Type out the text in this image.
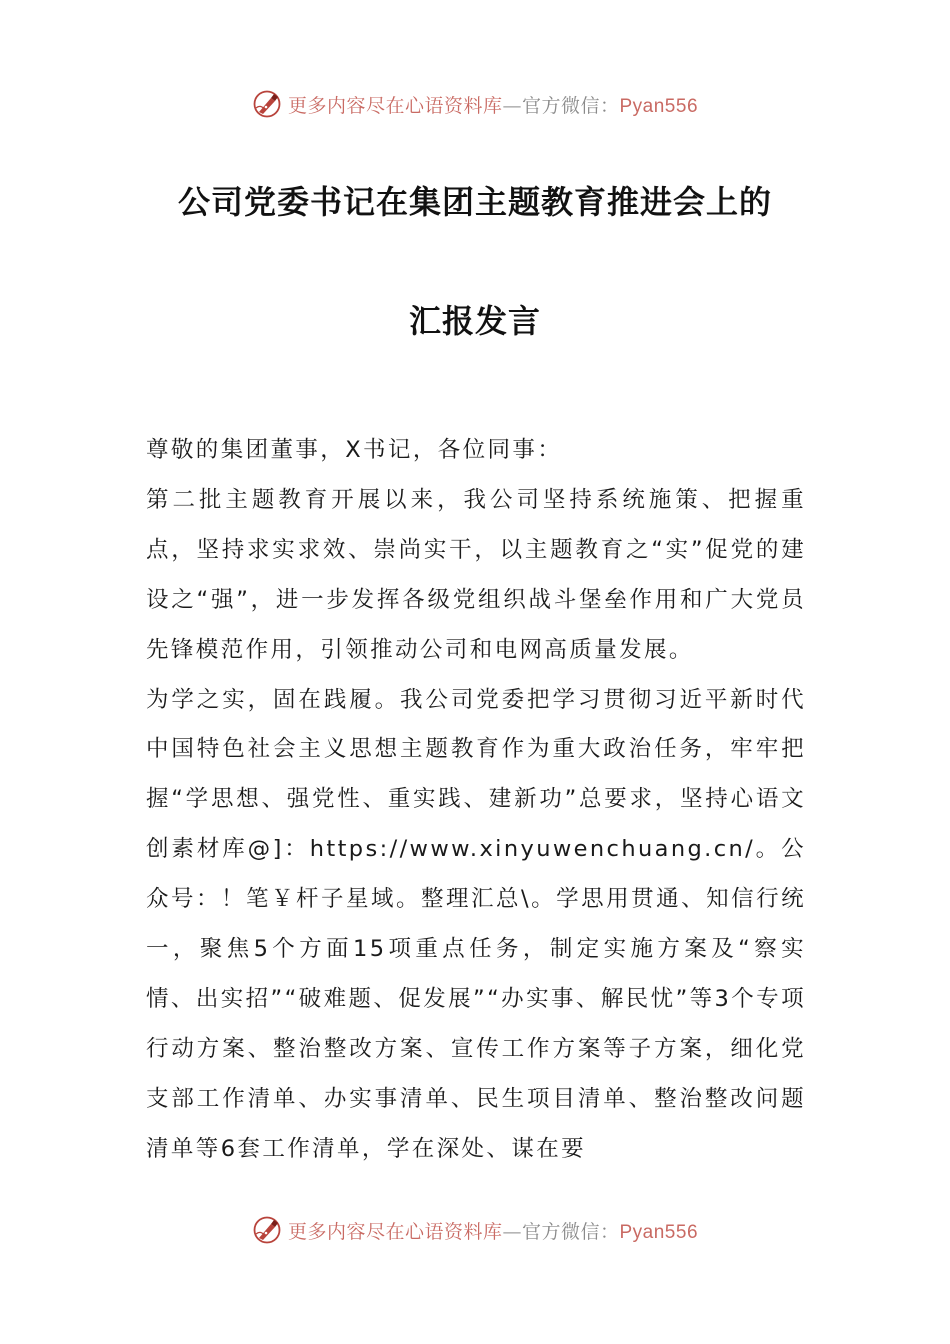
更多内容尽在心语资料库—官方微信：Pyan556
公司党委书记在集团主题教育推进会上的
汇报发言

尊敬的集团董事，X书记，各位同事：

第二批主题教育开展以来，我公司坚持系统施策、把握重点，坚持求实求效、崇尚实干，以主题教育之“实”促党的建设之“强”，进一步发挥各级党组织战斗堡垒作用和广大党员先锋模范作用，引领推动公司和电网高质量发展。

为学之实，固在践履。我公司党委把学习贯彻习近平新时代中国特色社会主义思想主题教育作为重大政治任务，牢牢把握“学思想、强党性、重实践、建新功”总要求，坚持心语文创素材库@]：https://www.xinyuwenchuang.cn/。公众号：！笔￥杆子星域。整理汇总\。学思用贯通、知信行统一，聚焦5个方面15项重点任务，制定实施方案及“察实情、出实招”“破难题、促发展”“办实事、解民忧”等3个专项行动方案、整治整改方案、宣传工作方案等子方案，细化党支部工作清单、办实事清单、民生项目清单、整治整改问题清单等6套工作清单，学在深处、谋在要

更多内容尽在心语资料库—官方微信：Pyan556
